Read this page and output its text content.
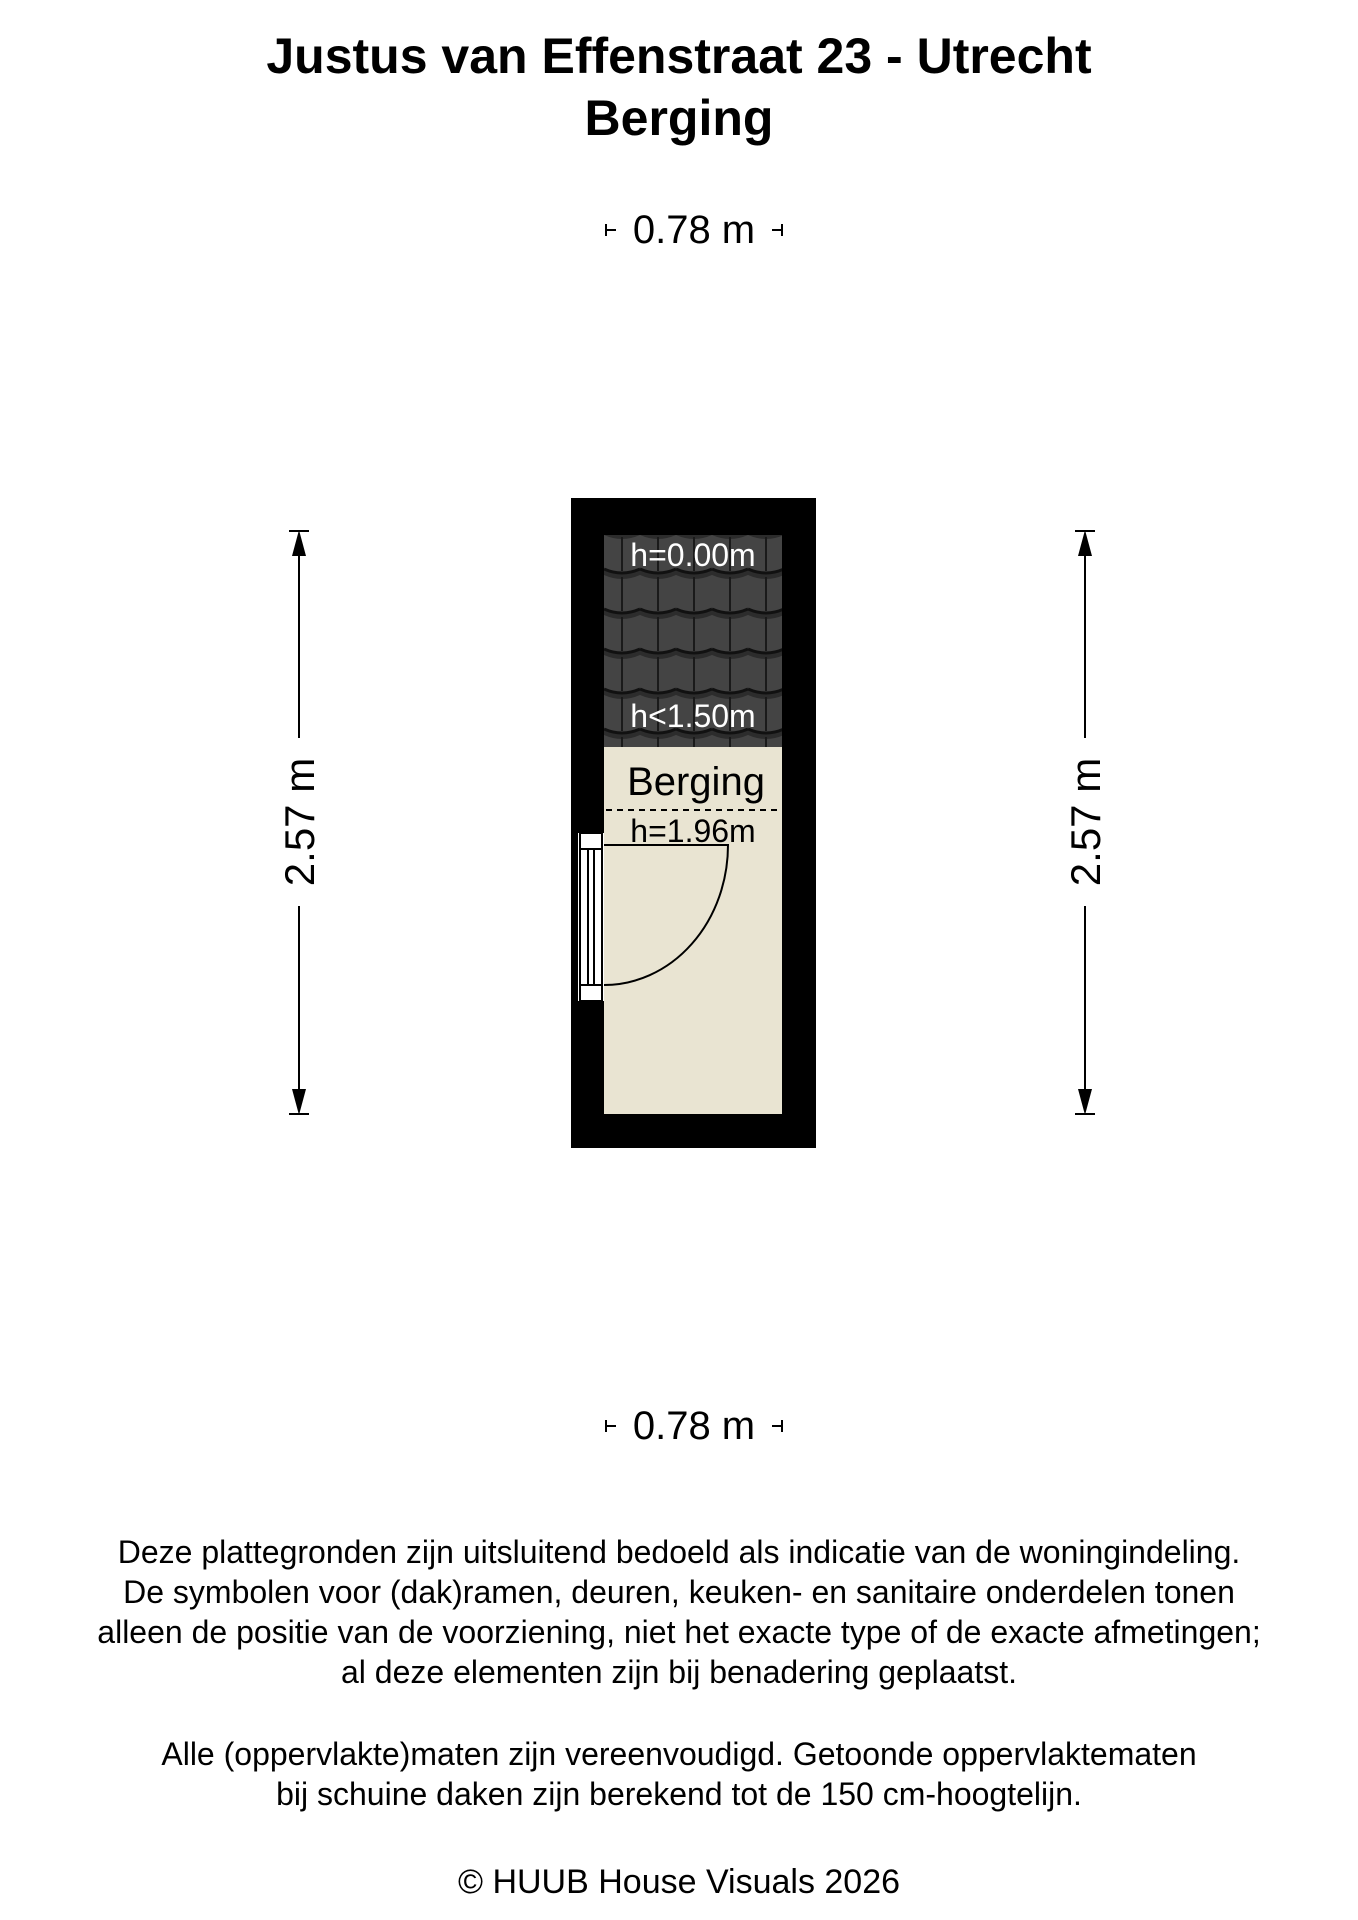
Justus van Effenstraat 23 - Utrecht
Berging
0.78 m
0.78 m
2.57 m	2.57 m
h=0.00m
h<1.50m
Berging
h=1.96m
Deze plattegronden zijn uitsluitend bedoeld als indicatie van de woningindeling.
De symbolen voor (dak)ramen, deuren, keuken- en sanitaire onderdelen tonen
alleen de positie van de voorziening, niet het exacte type of de exacte afmetingen;
al deze elementen zijn bij benadering geplaatst.
Alle (oppervlakte)maten zijn vereenvoudigd. Getoonde oppervlaktematen
bij schuine daken zijn berekend tot de 150 cm-hoogtelijn.
© HUUB House Visuals 2026
